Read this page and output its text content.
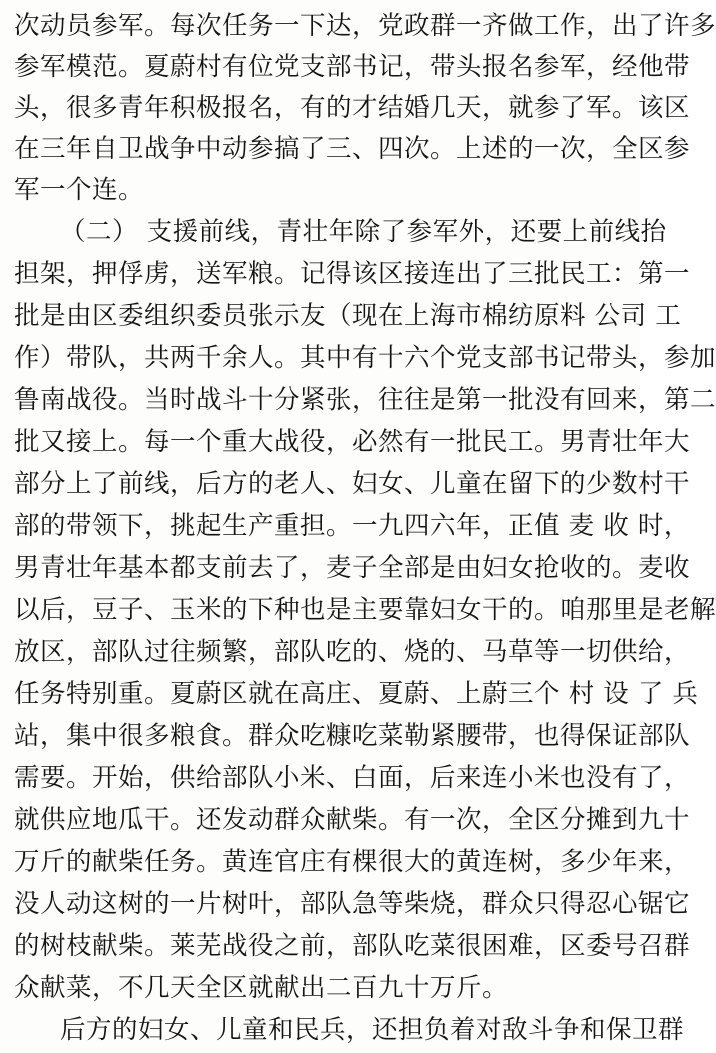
次动员参军。每次任务一下达，党政群一齐做工作，出了许多
参军模范。夏蔚村有位党支部书记，带头报名参军，经他带
头，很多青年积极报名，有的才结婚几天，就参了军。该区
在三年自卫战争中动参搞了三、四次。上述的一次，全区参
军一个连。
（二） 支援前线，青壮年除了参军外，还要上前线抬
担架，押俘虏，送军粮。记得该区接连出了三批民工：第一
批是由区委组织委员张示友（现在上海市棉纺原料 公司 工
作）带队，共两千余人。其中有十六个党支部书记带头，参加
鲁南战役。当时战斗十分紧张，往往是第一批没有回来，第二
批又接上。每一个重大战役，必然有一批民工。男青壮年大
部分上了前线，后方的老人、妇女、儿童在留下的少数村干
部的带领下，挑起生产重担。一九四六年，正值 麦 收 时，
男青壮年基本都支前去了，麦子全部是由妇女抢收的。麦收
以后，豆子、玉米的下种也是主要靠妇女干的。咱那里是老解
放区，部队过往频繁，部队吃的、烧的、马草等一切供给，
任务特别重。夏蔚区就在高庄、夏蔚、上蔚三个 村 设 了 兵
站，集中很多粮食。群众吃糠吃菜勒紧腰带，也得保证部队
需要。开始，供给部队小米、白面，后来连小米也没有了，
就供应地瓜干。还发动群众献柴。有一次，全区分摊到九十
万斤的献柴任务。黄连官庄有棵很大的黄连树，多少年来，
没人动这树的一片树叶，部队急等柴烧，群众只得忍心锯它
的树枝献柴。莱芜战役之前，部队吃菜很困难，区委号召群
众献菜，不几天全区就献出二百九十万斤。
后方的妇女、儿童和民兵，还担负着对敌斗争和保卫群
